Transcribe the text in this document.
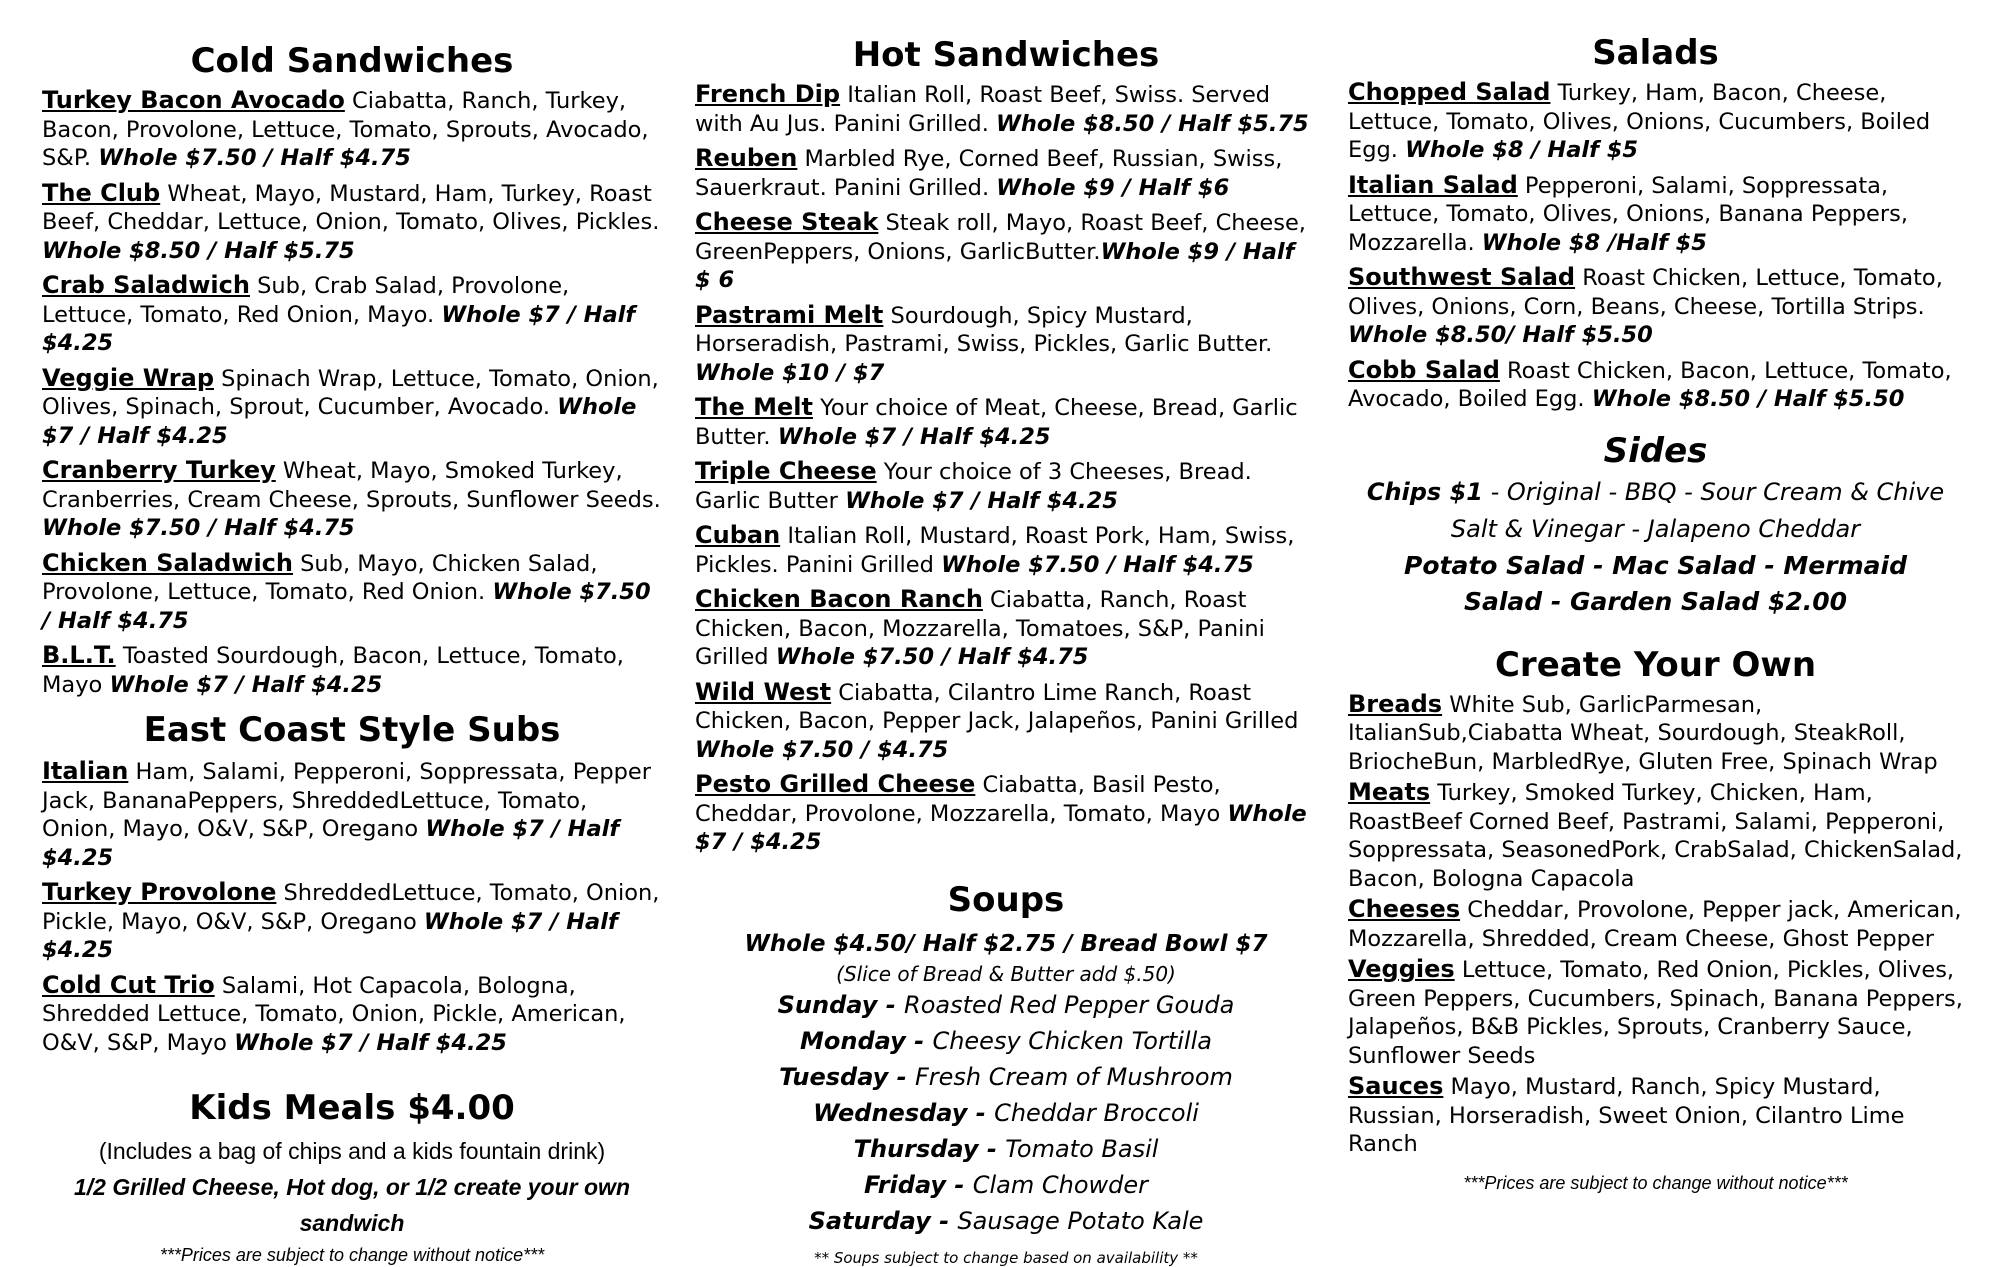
Cold Sandwiches

Turkey Bacon Avocado Ciabatta, Ranch, Turkey, Bacon, Provolone, Lettuce, Tomato, Sprouts, Avocado, S&P. Whole $7.50 / Half $4.75

The Club Wheat, Mayo, Mustard, Ham, Turkey, Roast Beef, Cheddar, Lettuce, Onion, Tomato, Olives, Pickles. Whole $8.50 / Half $5.75

Crab Saladwich Sub, Crab Salad, Provolone, Lettuce, Tomato, Red Onion, Mayo. Whole $7 / Half $4.25

Veggie Wrap Spinach Wrap, Lettuce, Tomato, Onion, Olives, Spinach, Sprout, Cucumber, Avocado. Whole $7 / Half $4.25

Cranberry Turkey Wheat, Mayo, Smoked Turkey, Cranberries, Cream Cheese, Sprouts, Sunflower Seeds. Whole $7.50 / Half $4.75

Chicken Saladwich Sub, Mayo, Chicken Salad, Provolone, Lettuce, Tomato, Red Onion. Whole $7.50 / Half $4.75

B.L.T. Toasted Sourdough, Bacon, Lettuce, Tomato, Mayo Whole $7 / Half $4.25

East Coast Style Subs

Italian Ham, Salami, Pepperoni, Soppressata, Pepper Jack, BananaPeppers, ShreddedLettuce, Tomato, Onion, Mayo, O&V, S&P, Oregano Whole $7 / Half $4.25

Turkey Provolone ShreddedLettuce, Tomato, Onion, Pickle, Mayo, O&V, S&P, Oregano Whole $7 / Half $4.25

Cold Cut Trio Salami, Hot Capacola, Bologna, Shredded Lettuce, Tomato, Onion, Pickle, American, O&V, S&P, Mayo Whole $7 / Half $4.25

Kids Meals $4.00
(Includes a bag of chips and a kids fountain drink)
1/2 Grilled Cheese, Hot dog, or 1/2 create your own sandwich
***Prices are subject to change without notice***
Hot Sandwiches

French Dip Italian Roll, Roast Beef, Swiss. Served with Au Jus. Panini Grilled. Whole $8.50 / Half $5.75

Reuben Marbled Rye, Corned Beef, Russian, Swiss, Sauerkraut. Panini Grilled. Whole $9 / Half $6

Cheese Steak Steak roll, Mayo, Roast Beef, Cheese, GreenPeppers, Onions, GarlicButter.Whole $9 / Half $ 6

Pastrami Melt Sourdough, Spicy Mustard, Horseradish, Pastrami, Swiss, Pickles, Garlic Butter. Whole $10 / $7

The Melt Your choice of Meat, Cheese, Bread, Garlic Butter. Whole $7 / Half $4.25

Triple Cheese Your choice of 3 Cheeses, Bread. Garlic Butter Whole $7 / Half $4.25

Cuban Italian Roll, Mustard, Roast Pork, Ham, Swiss, Pickles. Panini Grilled Whole $7.50 / Half $4.75

Chicken Bacon Ranch Ciabatta, Ranch, Roast Chicken, Bacon, Mozzarella, Tomatoes, S&P, Panini Grilled Whole $7.50 / Half $4.75

Wild West Ciabatta, Cilantro Lime Ranch, Roast Chicken, Bacon, Pepper Jack, Jalapeños, Panini Grilled Whole $7.50 / $4.75

Pesto Grilled Cheese Ciabatta, Basil Pesto, Cheddar, Provolone, Mozzarella, Tomato, Mayo Whole $7 / $4.25

Soups
Whole $4.50/ Half $2.75 / Bread Bowl $7
(Slice of Bread & Butter add $.50)
Sunday - Roasted Red Pepper Gouda
Monday - Cheesy Chicken Tortilla
Tuesday - Fresh Cream of Mushroom
Wednesday - Cheddar Broccoli
Thursday - Tomato Basil
Friday - Clam Chowder
Saturday - Sausage Potato Kale
** Soups subject to change based on availability **
Salads

Chopped Salad Turkey, Ham, Bacon, Cheese, Lettuce, Tomato, Olives, Onions, Cucumbers, Boiled Egg. Whole $8 / Half $5

Italian Salad Pepperoni, Salami, Soppressata, Lettuce, Tomato, Olives, Onions, Banana Peppers, Mozzarella. Whole $8 /Half $5

Southwest Salad Roast Chicken, Lettuce, Tomato, Olives, Onions, Corn, Beans, Cheese, Tortilla Strips. Whole $8.50/ Half $5.50

Cobb Salad Roast Chicken, Bacon, Lettuce, Tomato, Avocado, Boiled Egg. Whole $8.50 / Half $5.50

Sides
Chips $1 - Original - BBQ - Sour Cream & Chive
Salt & Vinegar - Jalapeno Cheddar
Potato Salad - Mac Salad - Mermaid Salad - Garden Salad $2.00
Create Your Own

Breads White Sub, GarlicParmesan, ItalianSub,Ciabatta Wheat, Sourdough, SteakRoll, BriocheBun, MarbledRye, Gluten Free, Spinach Wrap

Meats Turkey, Smoked Turkey, Chicken, Ham, RoastBeef Corned Beef, Pastrami, Salami, Pepperoni, Soppressata, SeasonedPork, CrabSalad, ChickenSalad, Bacon, Bologna Capacola

Cheeses Cheddar, Provolone, Pepper jack, American, Mozzarella, Shredded, Cream Cheese, Ghost Pepper

Veggies Lettuce, Tomato, Red Onion, Pickles, Olives, Green Peppers, Cucumbers, Spinach, Banana Peppers, Jalapeños, B&B Pickles, Sprouts, Cranberry Sauce, Sunflower Seeds

Sauces Mayo, Mustard, Ranch, Spicy Mustard, Russian, Horseradish, Sweet Onion, Cilantro Lime Ranch

***Prices are subject to change without notice***
